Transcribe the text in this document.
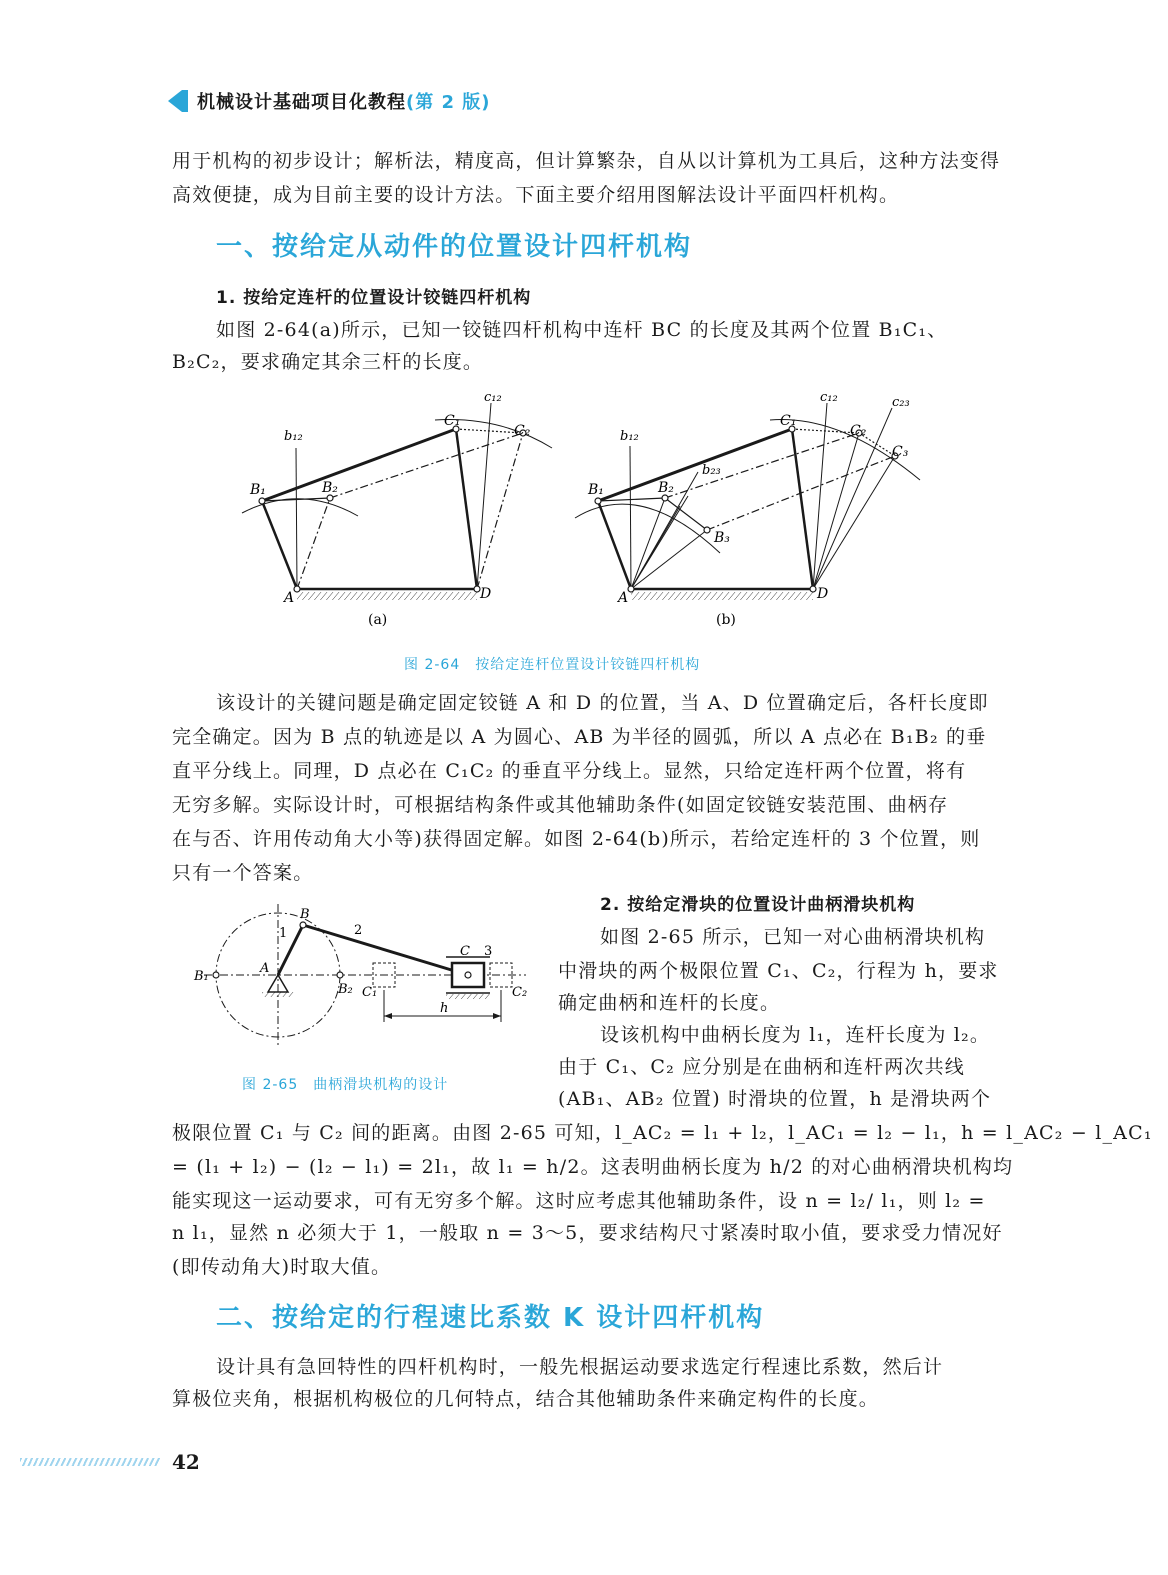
机械设计基础项目化教程(第 2 版)
用于机构的初步设计；解析法，精度高，但计算繁杂，自从以计算机为工具后，这种方法变得
高效便捷，成为目前主要的设计方法。下面主要介绍用图解法设计平面四杆机构。
一、按给定从动件的位置设计四杆机构
1. 按给定连杆的位置设计铰链四杆机构
如图 2-64(a)所示，已知一铰链四杆机构中连杆 BC 的长度及其两个位置 B₁C₁、
B₂C₂，要求确定其余三杆的长度。
A	D
B₁	B₂
C₁
C₂
b₁₂
c₁₂
(a)
A	D
B₁	B₂
B₃
C₁
C₂
C₃
b₁₂
b₂₃
c₁₂	c₂₃
(b)
图 2-64　按给定连杆位置设计铰链四杆机构
该设计的关键问题是确定固定铰链 A 和 D 的位置，当 A、D 位置确定后，各杆长度即
完全确定。因为 B 点的轨迹是以 A 为圆心、AB 为半径的圆弧，所以 A 点必在 B₁B₂ 的垂
直平分线上。同理，D 点必在 C₁C₂ 的垂直平分线上。显然，只给定连杆两个位置，将有
无穷多解。实际设计时，可根据结构条件或其他辅助条件(如固定铰链安装范围、曲柄存
在与否、许用传动角大小等)获得固定解。如图 2-64(b)所示，若给定连杆的 3 个位置，则
只有一个答案。
B₁
A
B₂
B
1	2
C 3
C₁	C₂
h
图 2-65　曲柄滑块机构的设计
2. 按给定滑块的位置设计曲柄滑块机构
如图 2-65 所示，已知一对心曲柄滑块机构
中滑块的两个极限位置 C₁、C₂，行程为 h，要求
确定曲柄和连杆的长度。
设该机构中曲柄长度为 l₁，连杆长度为 l₂。
由于 C₁、C₂ 应分别是在曲柄和连杆两次共线
(AB₁、AB₂ 位置) 时滑块的位置，h 是滑块两个
极限位置 C₁ 与 C₂ 间的距离。由图 2-65 可知，l_AC₂ = l₁ + l₂，l_AC₁ = l₂ − l₁，h = l_AC₂ − l_AC₁
= (l₁ + l₂) − (l₂ − l₁) = 2l₁，故 l₁ = h/2。这表明曲柄长度为 h/2 的对心曲柄滑块机构均
能实现这一运动要求，可有无穷多个解。这时应考虑其他辅助条件，设 n = l₂/ l₁，则 l₂ =
n l₁，显然 n 必须大于 1，一般取 n = 3～5，要求结构尺寸紧凑时取小值，要求受力情况好
(即传动角大)时取大值。
二、按给定的行程速比系数 K 设计四杆机构
设计具有急回特性的四杆机构时，一般先根据运动要求选定行程速比系数，然后计
算极位夹角，根据机构极位的几何特点，结合其他辅助条件来确定构件的长度。
42
